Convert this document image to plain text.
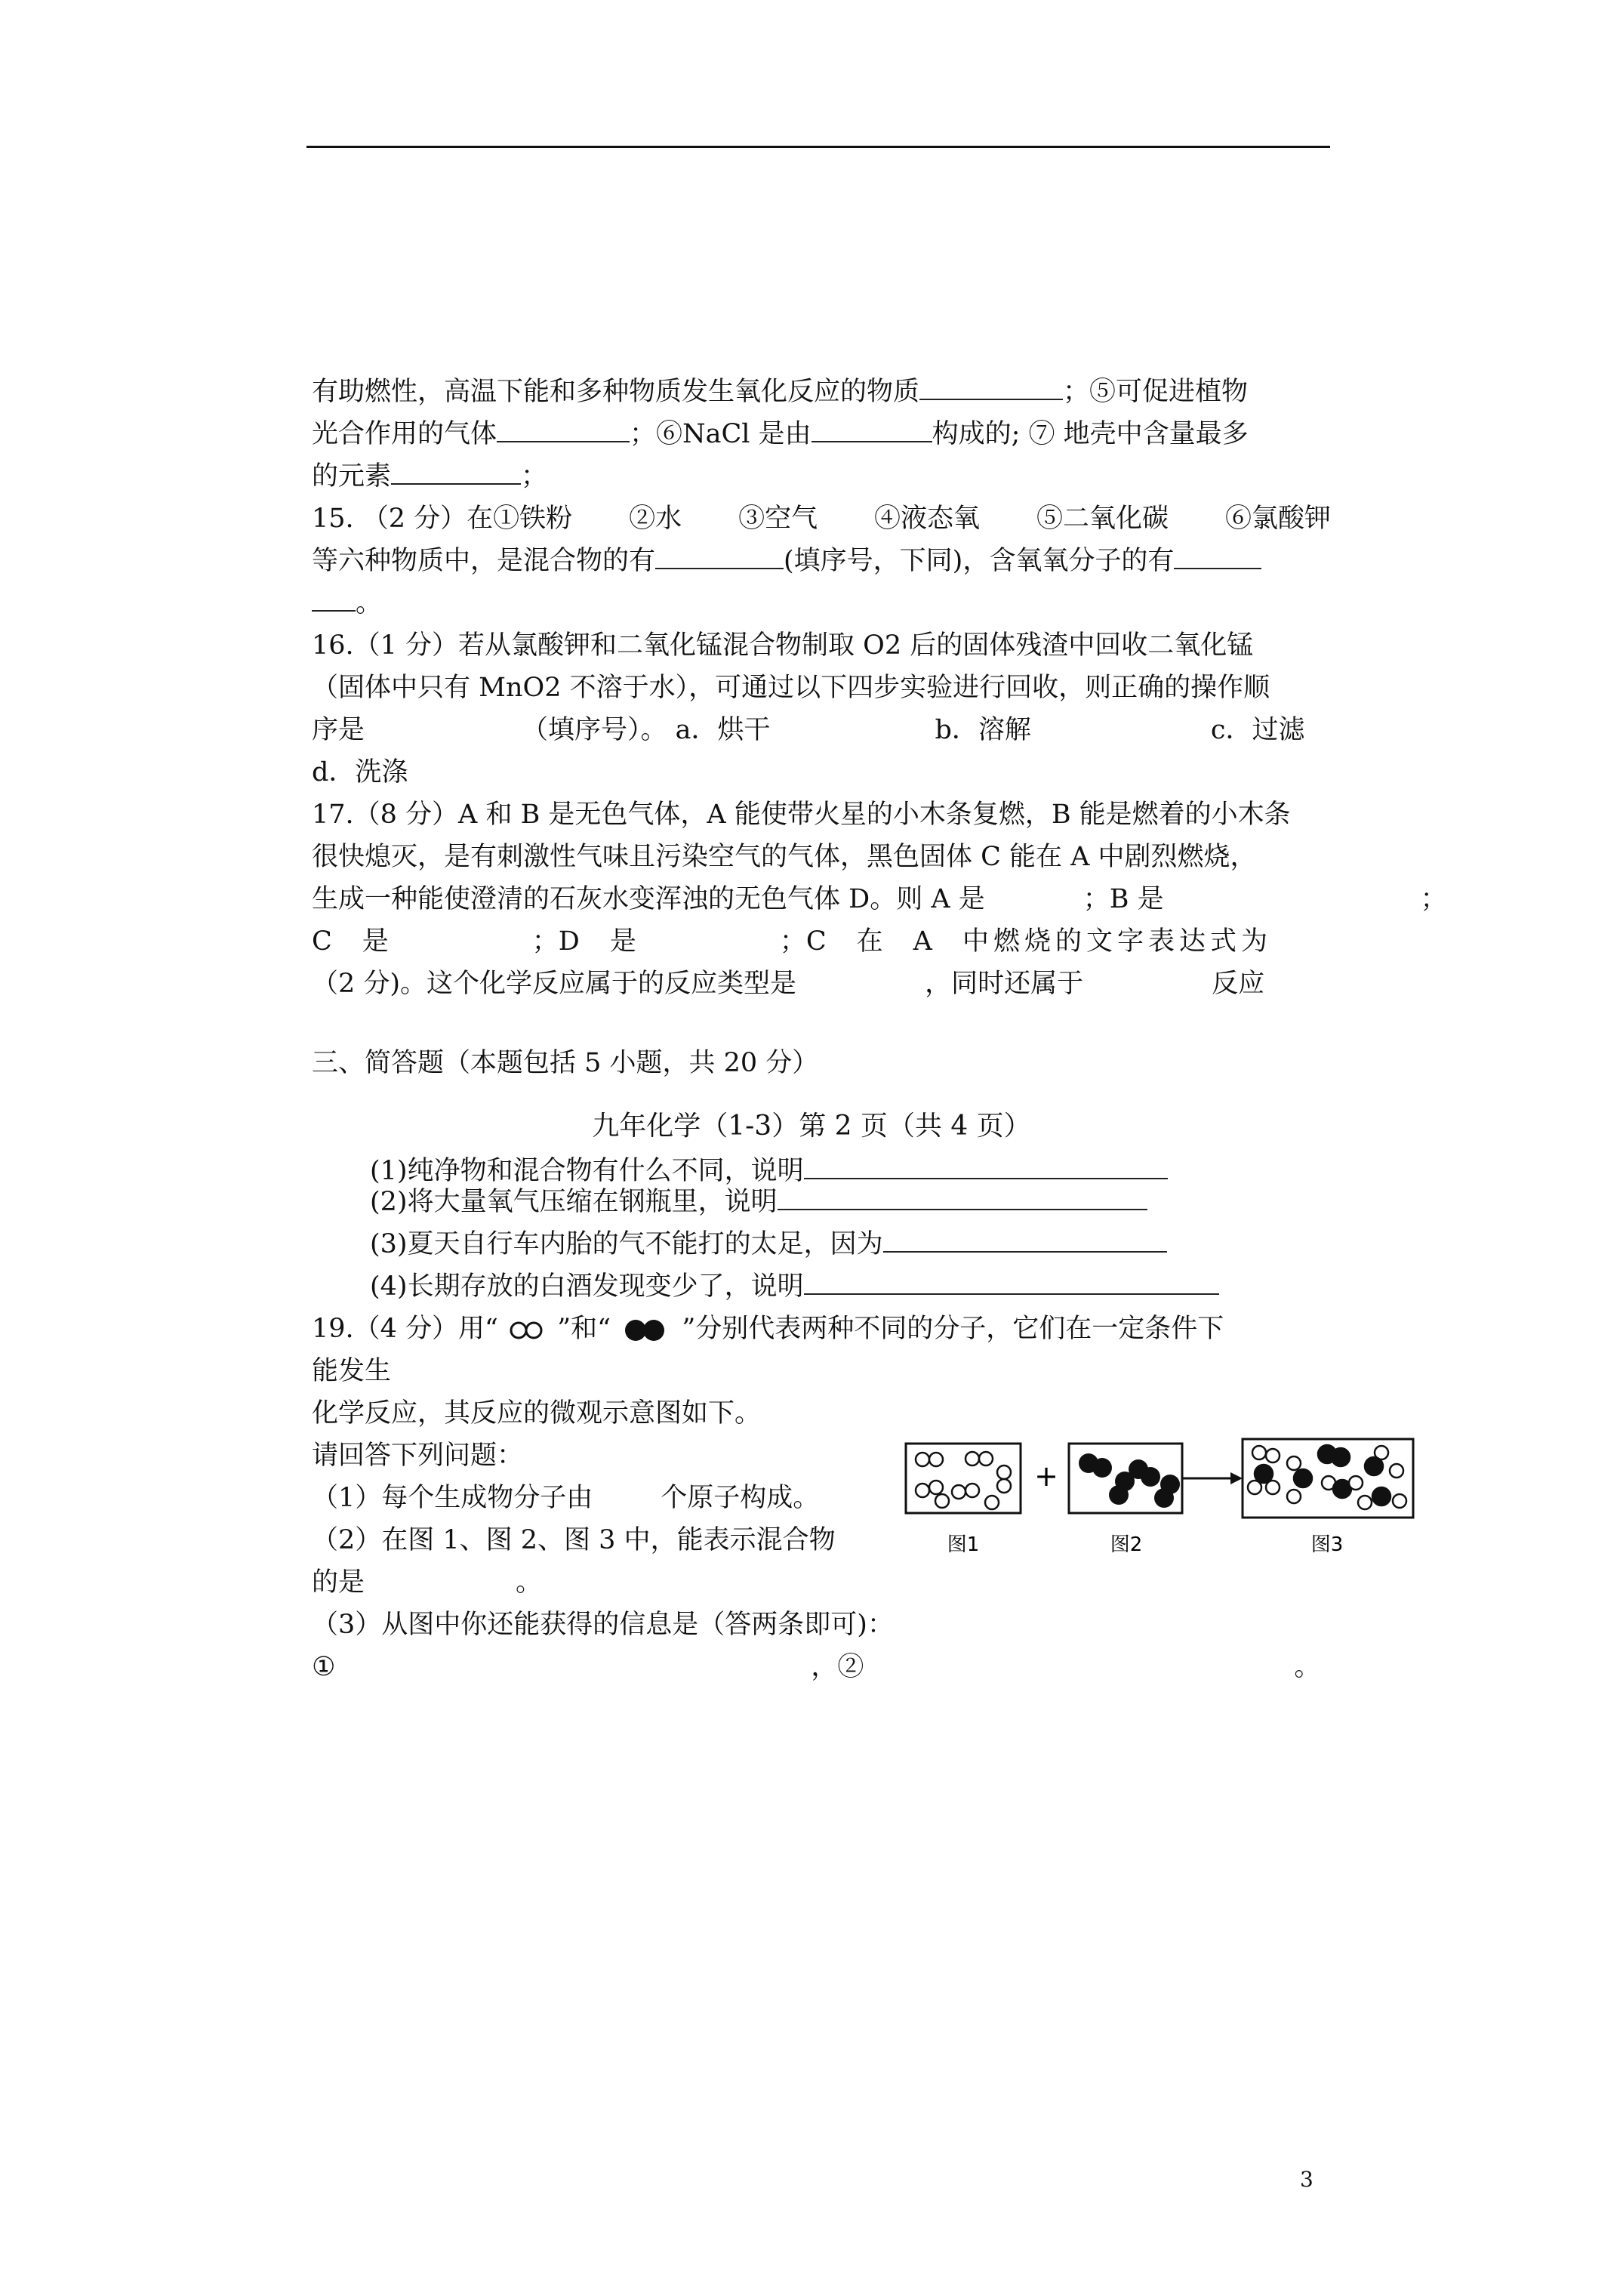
有助燃性，高温下能和多种物质发生氧化反应的物质	；⑤可促进植物
光合作用的气体	；⑥NaCl 是由	构成的; ⑦ 地壳中含量最多
的元素	；
15. （2 分）在①铁粉 ②水 ③空气 ④液态氧 ⑤二氧化碳 ⑥氯酸钾
等六种物质中，是混合物的有	(填序号，下同)，含氧氧分子的有
。
16.（1 分）若从氯酸钾和二氧化锰混合物制取 O2 后的固体残渣中回收二氧化锰
（固体中只有 MnO2 不溶于水），可通过以下四步实验进行回收，则正确的操作顺
序是	（填序号）。 a．烘干	b．溶解	c．过滤
d．洗涤
17.（8 分）A 和 B 是无色气体，A 能使带火星的小木条复燃，B 能是燃着的小木条
很快熄灭，是有刺激性气味且污染空气的气体，黑色固体 C 能在 A 中剧烈燃烧，
生成一种能使澄清的石灰水变浑浊的无色气体 D。则 A 是	；B 是	；
C 是	；D 是	；C 在 A 中燃烧的文字表达式为
（2 分)。这个化学反应属于的反应类型是	，同时还属于	反应
三、简答题（本题包括 5 小题，共 20 分）
九年化学（1-3）第 2 页（共 4 页）
(1)纯净物和混合物有什么不同，说明
(2)将大量氧气压缩在钢瓶里，说明
(3)夏天自行车内胎的气不能打的太足，因为
(4)长期存放的白酒发现变少了，说明
19.（4 分）用“ ”和“	”分别代表两种不同的分子，它们在一定条件下
能发生
化学反应，其反应的微观示意图如下。
请回答下列问题：
（1）每个生成物分子由	个原子构成。
（2）在图 1、图 2、图 3 中，能表示混合物
的是	。
（3）从图中你还能获得的信息是（答两条即可)：
①	，②	。
+
图1	图2	图3
3
